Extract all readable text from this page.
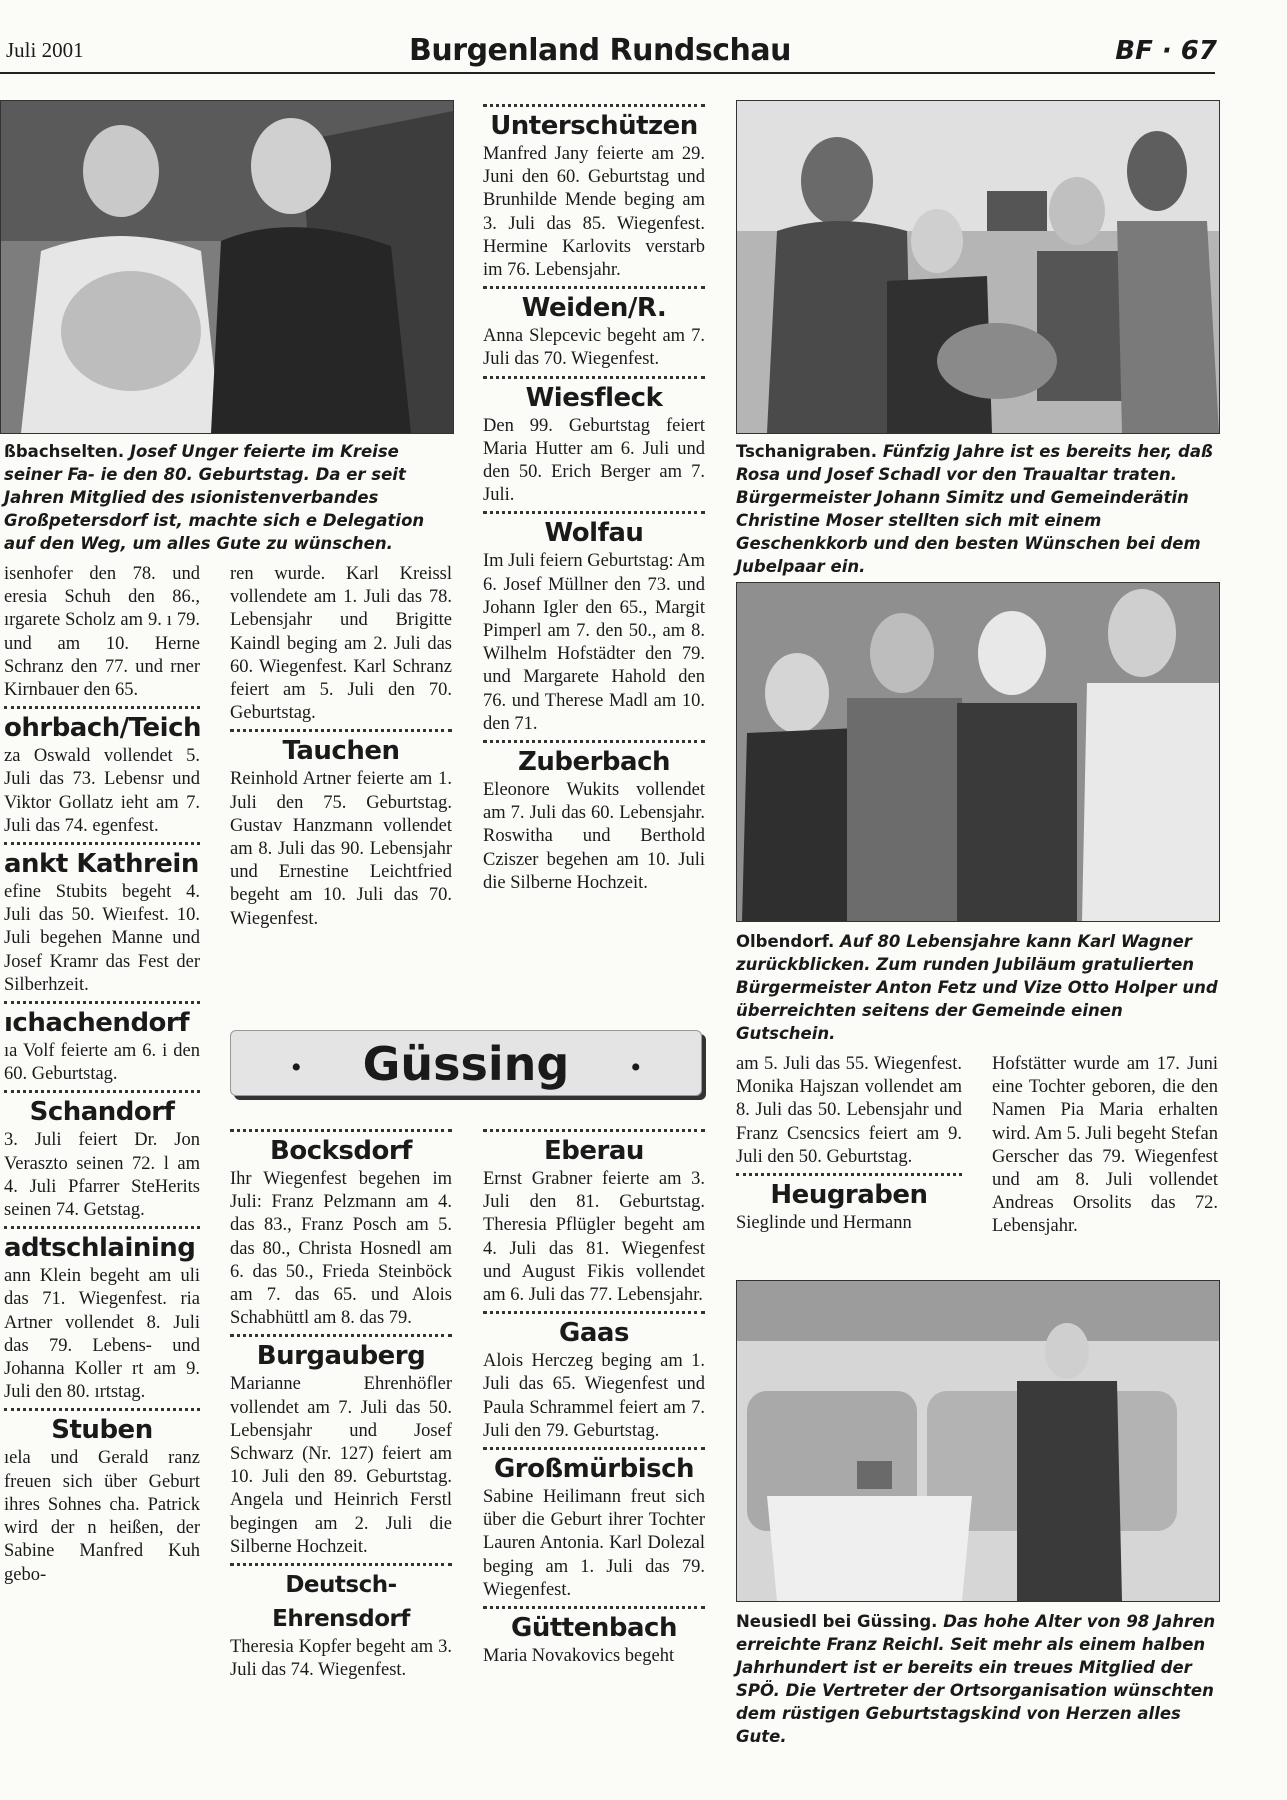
Juli 2001	Burgenland Rundschau	BF · 67
ßbachselten. Josef Unger feierte im Kreise seiner Fa- ie den 80. Geburtstag. Da er seit Jahren Mitglied des ısionistenverbandes Großpetersdorf ist, machte sich e Delegation auf den Weg, um alles Gute zu wünschen.
Tschanigraben. Fünfzig Jahre ist es bereits her, daß Rosa und Josef Schadl vor den Traualtar traten. Bürgermeister Johann Simitz und Gemeinderätin Christine Moser stellten sich mit einem Geschenkkorb und den besten Wünschen bei dem Jubelpaar ein.
Olbendorf. Auf 80 Lebensjahre kann Karl Wagner zurückblicken. Zum runden Jubiläum gratulierten Bürgermeister Anton Fetz und Vize Otto Holper und überreichten seitens der Gemeinde einen Gutschein.
Neusiedl bei Güssing. Das hohe Alter von 98 Jahren erreichte Franz Reichl. Seit mehr als einem halben Jahrhundert ist er bereits ein treues Mitglied der SPÖ. Die Vertreter der Ortsorganisation wünschten dem rüstigen Geburtstagskind von Herzen alles Gute.

isenhofer den 78. und eresia Schuh den 86., ırgarete Scholz am 9. ı 79. und am 10. Herne Schranz den 77. und rner Kirnbauer den 65.

ohrbach/Teich

za Oswald vollendet 5. Juli das 73. Lebensr und Viktor Gollatz ieht am 7. Juli das 74. egenfest.

ankt Kathrein

efine Stubits begeht 4. Juli das 50. Wieıfest. 10. Juli begehen Manne und Josef Kramr das Fest der Silberhzeit.

ıchachendorf

ıa Volf feierte am 6. i den 60. Geburtstag.

Schandorf

3. Juli feiert Dr. Jon Veraszto seinen 72. l am 4. Juli Pfarrer SteHerits seinen 74. Getstag.

adtschlaining

ann Klein begeht am uli das 71. Wiegenfest. ria Artner vollendet 8. Juli das 79. Lebens- und Johanna Koller rt am 9. Juli den 80. ırtstag.

Stuben

ıela und Gerald ranz freuen sich über Geburt ihres Sohnes cha. Patrick wird der n heißen, der Sabine Manfred Kuh gebo-

ren wurde. Karl Kreissl vollendete am 1. Juli das 78. Lebensjahr und Brigitte Kaindl beging am 2. Juli das 60. Wiegenfest. Karl Schranz feiert am 5. Juli den 70. Geburtstag.

Tauchen

Reinhold Artner feierte am 1. Juli den 75. Geburtstag. Gustav Hanzmann vollendet am 8. Juli das 90. Lebensjahr und Ernestine Leichtfried begeht am 10. Juli das 70. Wiegenfest.

Unterschützen

Manfred Jany feierte am 29. Juni den 60. Geburtstag und Brunhilde Mende beging am 3. Juli das 85. Wiegenfest. Hermine Karlovits verstarb im 76. Lebensjahr.

Weiden/R.

Anna Slepcevic begeht am 7. Juli das 70. Wiegenfest.

Wiesfleck

Den 99. Geburtstag feiert Maria Hutter am 6. Juli und den 50. Erich Berger am 7. Juli.

Wolfau

Im Juli feiern Geburtstag: Am 6. Josef Müllner den 73. und Johann Igler den 65., Margit Pimperl am 7. den 50., am 8. Wilhelm Hofstädter den 79. und Margarete Hahold den 76. und Therese Madl am 10. den 71.

Zuberbach

Eleonore Wukits vollendet am 7. Juli das 60. Lebensjahr. Roswitha und Berthold Cziszer begehen am 10. Juli die Silberne Hochzeit.

•	Güssing	•
Bocksdorf

Ihr Wiegenfest begehen im Juli: Franz Pelzmann am 4. das 83., Franz Posch am 5. das 80., Christa Hosnedl am 6. das 50., Frieda Steinböck am 7. das 65. und Alois Schabhüttl am 8. das 79.

Burgauberg

Marianne Ehrenhöfler vollendet am 7. Juli das 50. Lebensjahr und Josef Schwarz (Nr. 127) feiert am 10. Juli den 89. Geburtstag. Angela und Heinrich Ferstl begingen am 2. Juli die Silberne Hochzeit.

Deutsch-Ehrensdorf

Theresia Kopfer begeht am 3. Juli das 74. Wiegenfest.

Eberau

Ernst Grabner feierte am 3. Juli den 81. Geburtstag. Theresia Pflügler begeht am 4. Juli das 81. Wiegenfest und August Fikis vollendet am 6. Juli das 77. Lebensjahr.

Gaas

Alois Herczeg beging am 1. Juli das 65. Wiegenfest und Paula Schrammel feiert am 7. Juli den 79. Geburtstag.

Großmürbisch

Sabine Heilimann freut sich über die Geburt ihrer Tochter Lauren Antonia. Karl Dolezal beging am 1. Juli das 79. Wiegenfest.

Güttenbach

Maria Novakovics begeht

am 5. Juli das 55. Wiegenfest. Monika Hajszan vollendet am 8. Juli das 50. Lebensjahr und Franz Csencsics feiert am 9. Juli den 50. Geburtstag.

Heugraben

Sieglinde und Hermann

Hofstätter wurde am 17. Juni eine Tochter geboren, die den Namen Pia Maria erhalten wird. Am 5. Juli begeht Stefan Gerscher das 79. Wiegenfest und am 8. Juli vollendet Andreas Orsolits das 72. Lebensjahr.
